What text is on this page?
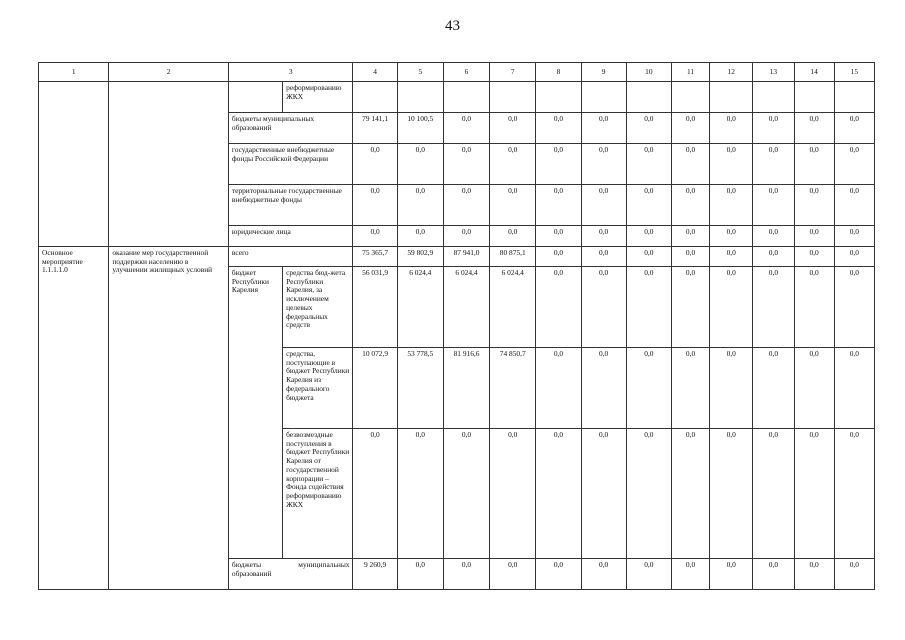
43
1	2	3		4	5	6	7	8	9	10	11	12	13	14	15
			реформированию ЖКХ												
		бюджеты муниципальных образований		79 141,1	10 100,5	0,0	0,0	0,0	0,0	0,0	0,0	0,0	0,0	0,0	0,0
		государственные внебюджетные фонды Российской Федерации		0,0	0,0	0,0	0,0	0,0	0,0	0,0	0,0	0,0	0,0	0,0	0,0
		территориальные государственные внебюджетные фонды		0,0	0,0	0,0	0,0	0,0	0,0	0,0	0,0	0,0	0,0	0,0	0,0
		юридические лица		0,0	0,0	0,0	0,0	0,0	0,0	0,0	0,0	0,0	0,0	0,0	0,0
Основное мероприятие 1.1.1.1.0	оказание мер государственной поддержки населению в улучшении жилищных условий	всего		75 365,7	59 802,9	87 941,0	80 875,1	0,0	0,0	0,0	0,0	0,0	0,0	0,0	0,0
		бюджет Республики Карелия	средства бюд-жета Республики Карелия, за исключением целевых федеральных средств	56 031,9	6 024,4	6 024,4	6 024,4	0,0	0,0	0,0	0,0	0,0	0,0	0,0	0,0
			средства, поступающие в бюджет Республики Карелия из федерального бюджета	10 072,9	53 778,5	81 916,6	74 850,7	0,0	0,0	0,0	0,0	0,0	0,0	0,0	0,0
			безвозмездные поступления в бюджет Республики Карелия от государственной корпорации – Фонда содействия реформированию ЖКХ	0,0	0,0	0,0	0,0	0,0	0,0	0,0	0,0	0,0	0,0	0,0	0,0
		бюджеты муниципальных образований		9 260,9	0,0	0,0	0,0	0,0	0,0	0,0	0,0	0,0	0,0	0,0	0,0
